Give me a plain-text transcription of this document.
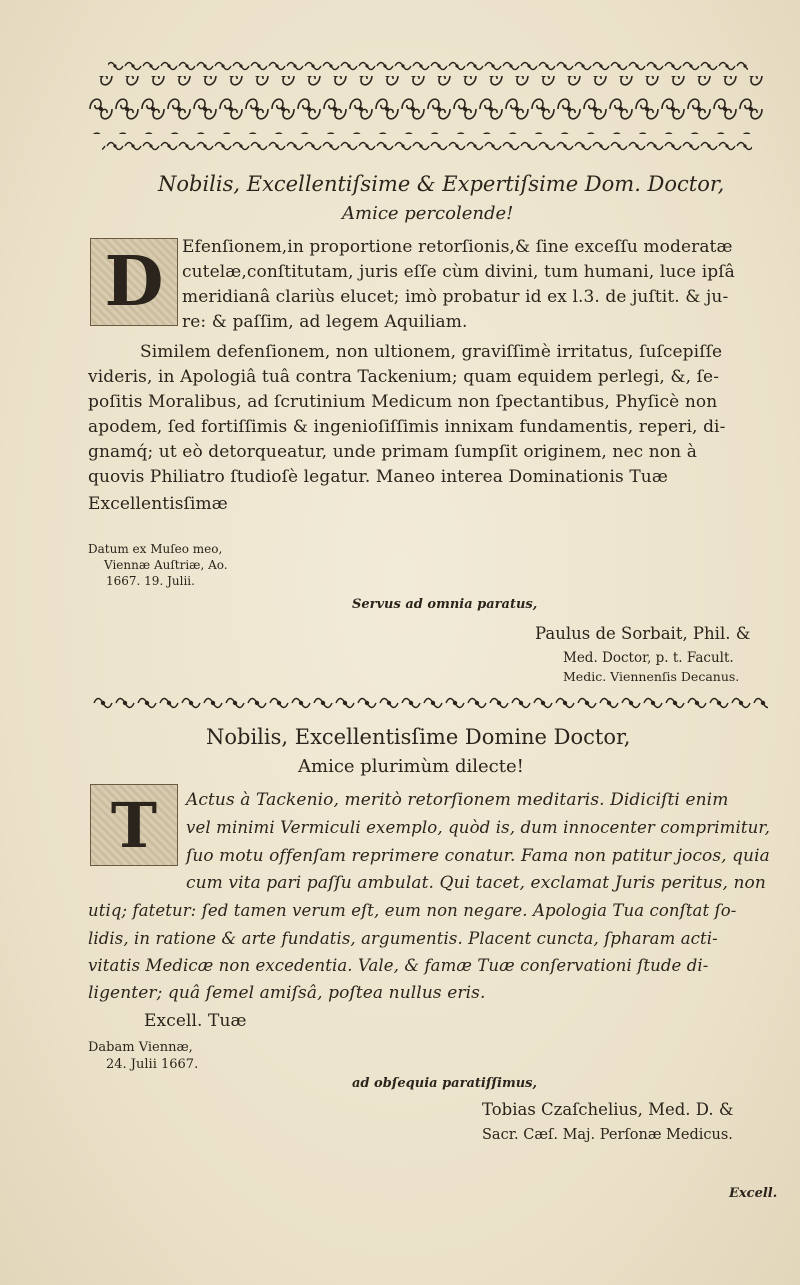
Nobilis, Excellentiſsime & Expertiſsime Dom. Doctor,
Amice percolende!
D	Efenſionem,in proportione retorſionis,& ſine exceſſu moderatæ
cutelæ,conſtitutam, juris eſſe cùm divini, tum humani, luce ipſâ
meridianâ clariùs elucet; imò probatur id ex l.3. de juſtit. & ju-
re: & paſſim, ad legem Aquiliam.
Similem defenſionem, non ultionem, graviſſimè irritatus, ſuſcepiſſe
videris, in Apologiâ tuâ contra Tackenium; quam equidem perlegi, &, ſe-
poſitis Moralibus, ad ſcrutinium Medicum non ſpectantibus, Phyſicè non
apodem, ſed fortiſſimis & ingenioſiſſimis innixam fundamentis, reperi, di-
gnamq́; ut eò detorqueatur, unde primam ſumpſit originem, nec non à
quovis Philiatro ſtudioſè legatur. Maneo interea Dominationis Tuæ
Excellentisſimæ
Datum ex Muſeo meo,
Viennæ Auſtriæ, Ao.
1667. 19. Julii.
Servus ad omnia paratus,
Paulus de Sorbait, Phil. &
Med. Doctor, p. t. Facult.
Medic. Viennenſis Decanus.
Nobilis, Excellentisſime Domine Doctor,
Amice plurimùm dilecte!
T	Actus à Tackenio, meritò retorſionem meditaris. Didiciſti enim
vel minimi Vermiculi exemplo, quòd is, dum innocenter comprimitur,
ſuo motu offenſam reprimere conatur. Fama non patitur jocos, quia
cum vita pari paſſu ambulat. Qui tacet, exclamat Juris peritus, non
utiq; fatetur: ſed tamen verum eſt, eum non negare. Apologia Tua conſtat ſo-
lidis, in ratione & arte fundatis, argumentis. Placent cuncta, ſpharam acti-
vitatis Medicæ non excedentia. Vale, & famæ Tuæ conſervationi ſtude di-
ligenter; quâ ſemel amiſsâ, poſtea nullus eris.
Excell. Tuæ
Dabam Viennæ,
24. Julii 1667.
ad obſequia paratiſſimus,
Tobias Czaſchelius, Med. D. &
Sacr. Cæſ. Maj. Perſonæ Medicus.
Excell.
